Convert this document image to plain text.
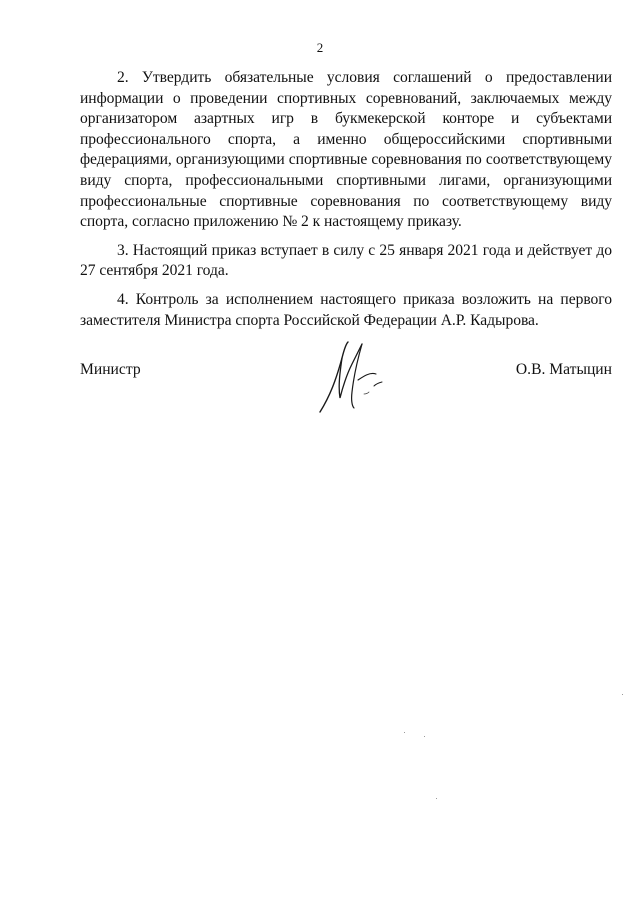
2

2. Утвердить обязательные условия соглашений о предоставлении информации о проведении спортивных соревнований, заключаемых между организатором азартных игр в букмекерской конторе и субъектами профессионального спорта, а именно общероссийскими спортивными федерациями, организующими спортивные соревнования по соответствующему виду спорта, профессиональными спортивными лигами, организующими профессиональные спортивные соревнования по соответствующему виду спорта, согласно приложению № 2 к настоящему приказу.

3. Настоящий приказ вступает в силу с 25 января 2021 года и действует до 27 сентября 2021 года.

4. Контроль за исполнением настоящего приказа возложить на первого заместителя Министра спорта Российской Федерации А.Р. Кадырова.

Министр	О.В. Матыцин
